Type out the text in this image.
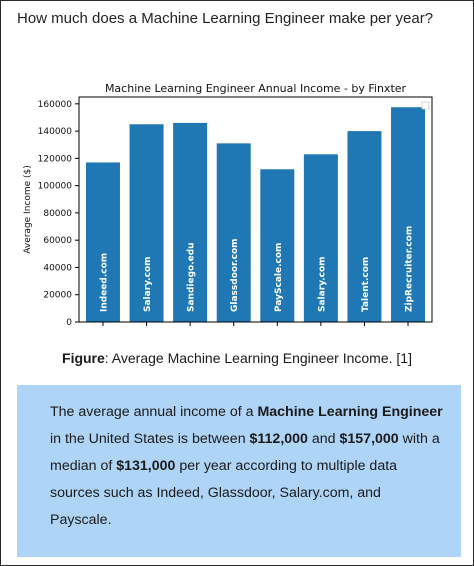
How much does a Machine Learning Engineer make per year?
Machine Learning Engineer Annual Income - by Finxter
Average Income ($)
0
20000
40000
60000
80000
100000
120000
140000
160000
Indeed.com	Salary.com	Sandiego.edu	Glassdoor.com	PayScale.com	Salary.com	Talent.com	ZipRecruiter.com
Figure: Average Machine Learning Engineer Income. [1]
The average annual income of a Machine Learning Engineer in the United States is between $112,000 and $157,000 with a median of $131,000 per year according to multiple data sources such as Indeed, Glassdoor, Salary.com, and Payscale.
